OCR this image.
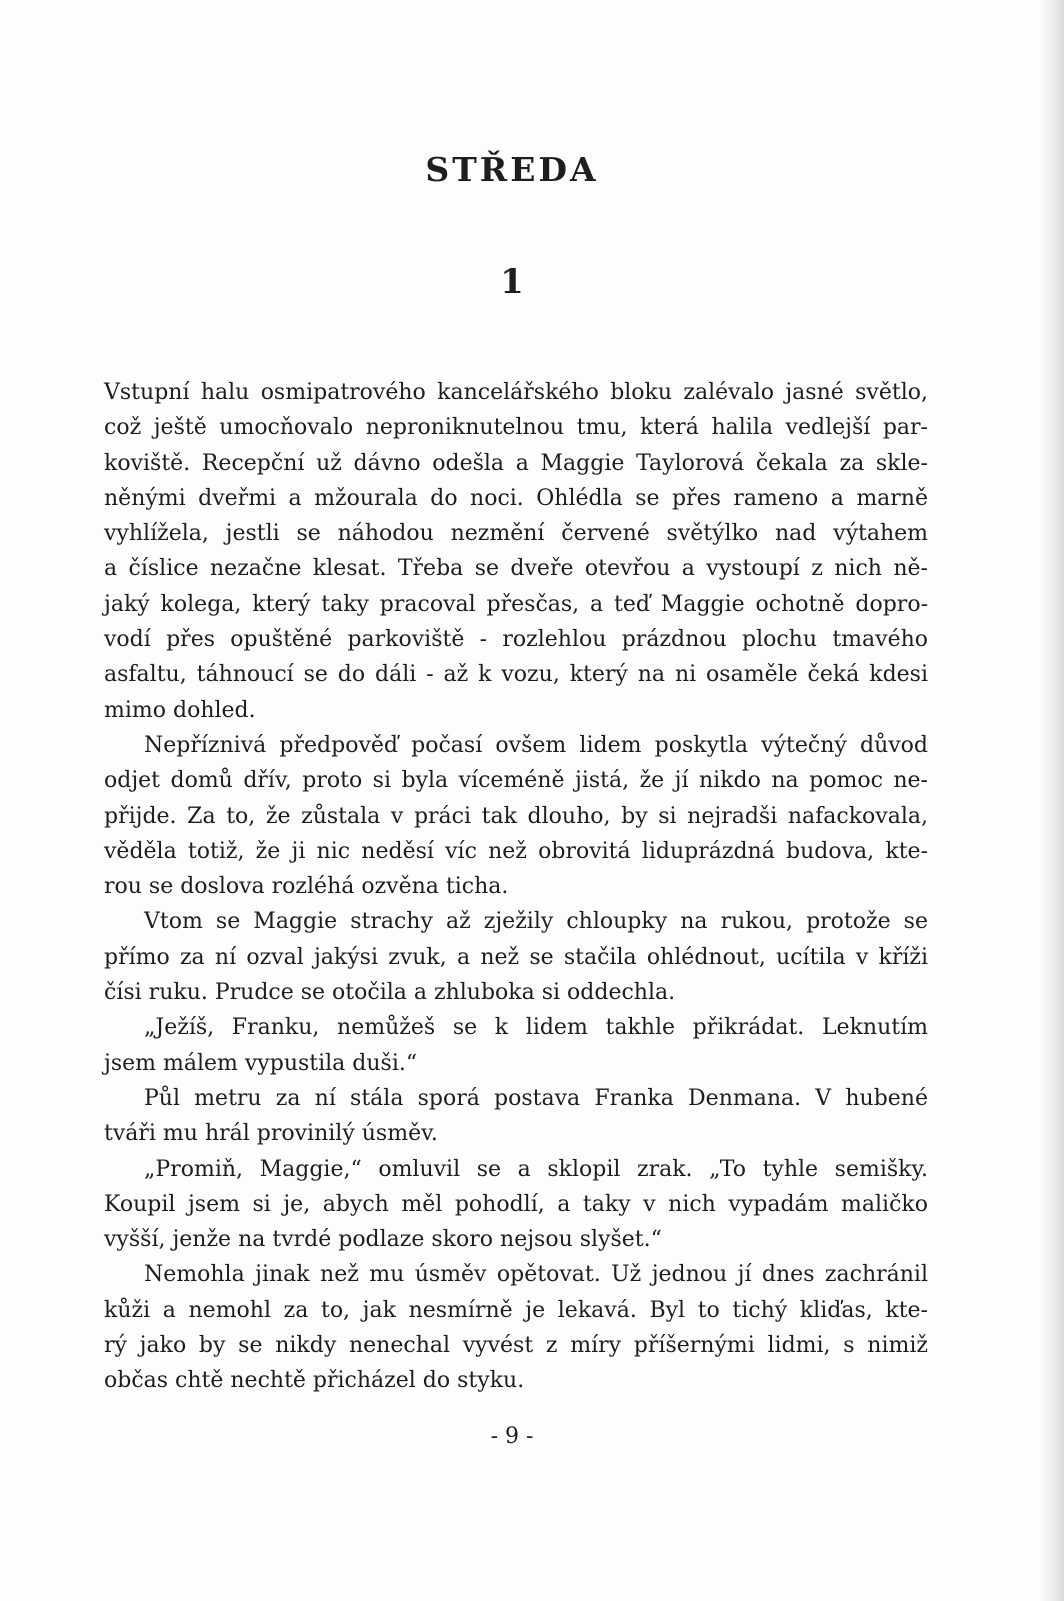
STŘEDA
1

Vstupní halu osmipatrového kancelářského bloku zalévalo jasné světlo,
což ještě umocňovalo neproniknutelnou tmu, která halila vedlejší par-
koviště. Recepční už dávno odešla a Maggie Taylorová čekala za skle-
něnými dveřmi a mžourala do noci. Ohlédla se přes rameno a marně
vyhlížela, jestli se náhodou nezmění červené světýlko nad výtahem
a číslice nezačne klesat. Třeba se dveře otevřou a vystoupí z nich ně-
jaký kolega, který taky pracoval přesčas, a teď Maggie ochotně dopro-
vodí přes opuštěné parkoviště - rozlehlou prázdnou plochu tmavého
asfaltu, táhnoucí se do dáli - až k vozu, který na ni osaměle čeká kdesi
mimo dohled.

Nepříznivá předpověď počasí ovšem lidem poskytla výtečný důvod
odjet domů dřív, proto si byla víceméně jistá, že jí nikdo na pomoc ne-
přijde. Za to, že zůstala v práci tak dlouho, by si nejradši nafackovala,
věděla totiž, že ji nic neděsí víc než obrovitá liduprázdná budova, kte-
rou se doslova rozléhá ozvěna ticha.

Vtom se Maggie strachy až zježily chloupky na rukou, protože se
přímo za ní ozval jakýsi zvuk, a než se stačila ohlédnout, ucítila v kříži
čísi ruku. Prudce se otočila a zhluboka si oddechla.

„Ježíš, Franku, nemůžeš se k lidem takhle přikrádat. Leknutím
jsem málem vypustila duši.“

Půl metru za ní stála sporá postava Franka Denmana. V hubené
tváři mu hrál provinilý úsměv.

„Promiň, Maggie,“ omluvil se a sklopil zrak. „To tyhle semišky.
Koupil jsem si je, abych měl pohodlí, a taky v nich vypadám maličko
vyšší, jenže na tvrdé podlaze skoro nejsou slyšet.“

Nemohla jinak než mu úsměv opětovat. Už jednou jí dnes zachránil
kůži a nemohl za to, jak nesmírně je lekavá. Byl to tichý kliďas, kte-
rý jako by se nikdy nenechal vyvést z míry příšernými lidmi, s nimiž
občas chtě nechtě přicházel do styku.

- 9 -
